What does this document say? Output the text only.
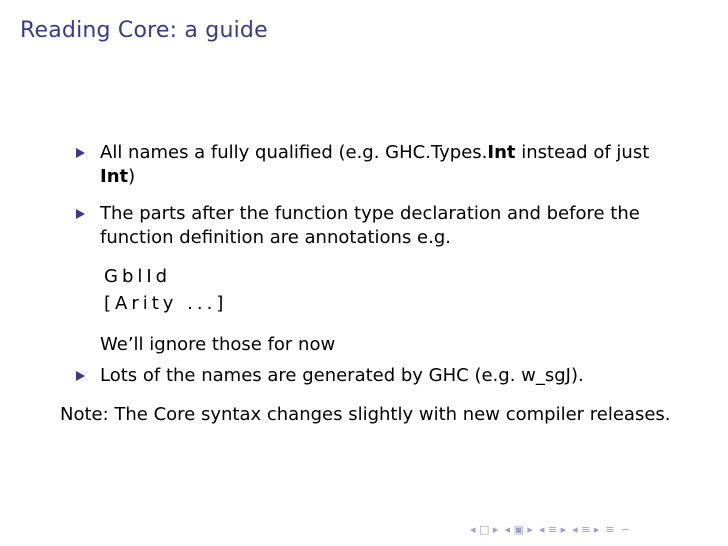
Reading Core: a guide
All names a fully qualified (e.g. GHC.Types.Int instead of just Int)
The parts after the function type declaration and before the function definition are annotations e.g.
GblId
[Arity ...]
We’ll ignore those for now
Lots of the names are generated by GHC (e.g. w_sgJ).
Note: The Core syntax changes slightly with new compiler releases.
◂ □ ▸ ◂ ▣ ▸ ◂ ≡ ▸ ◂ ≡ ▸ ≡ ∽
